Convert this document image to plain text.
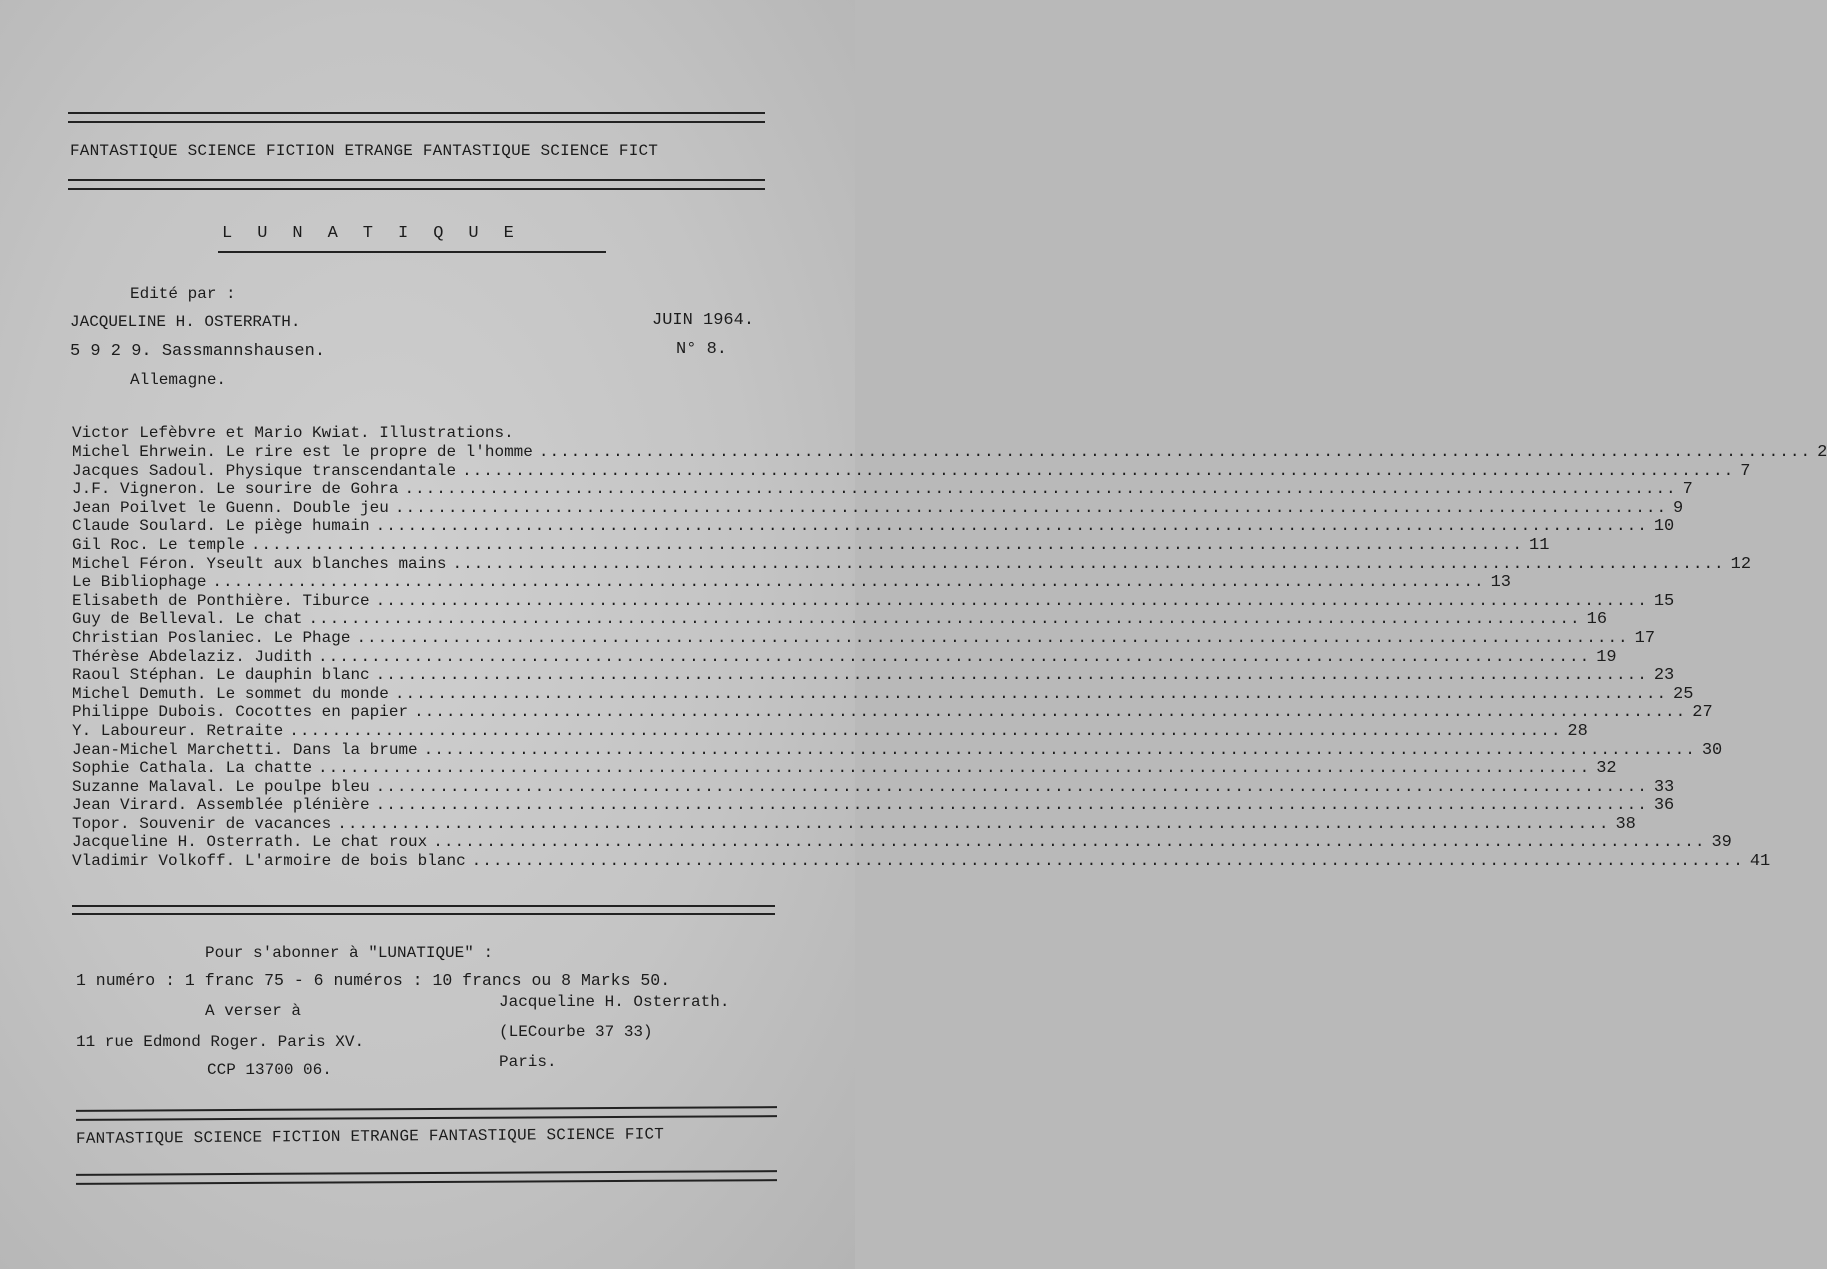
FANTASTIQUE SCIENCE FICTION ETRANGE FANTASTIQUE SCIENCE FICT
LUNATIQUE
Edité par :
JACQUELINE H. OSTERRATH.
5 9 2 9. Sassmannshausen.
Allemagne.
JUIN 1964.
N° 8.
Victor Lefèbvre et Mario Kwiat. Illustrations.
Michel Ehrwein. Le rire est le propre de l'homme ........................................................................................................................ 2
Jacques Sadoul. Physique transcendantale ........................................................................................................................ 7
J.F. Vigneron. Le sourire de Gohra ........................................................................................................................ 7
Jean Poilvet le Guenn. Double jeu ........................................................................................................................ 9
Claude Soulard. Le piège humain ........................................................................................................................ 10
Gil Roc. Le temple ........................................................................................................................ 11
Michel Féron. Yseult aux blanches mains ........................................................................................................................ 12
Le Bibliophage ........................................................................................................................ 13
Elisabeth de Ponthière. Tiburce ........................................................................................................................ 15
Guy de Belleval. Le chat ........................................................................................................................ 16
Christian Poslaniec. Le Phage ........................................................................................................................ 17
Thérèse Abdelaziz. Judith ........................................................................................................................ 19
Raoul Stéphan. Le dauphin blanc ........................................................................................................................ 23
Michel Demuth. Le sommet du monde ........................................................................................................................ 25
Philippe Dubois. Cocottes en papier ........................................................................................................................ 27
Y. Laboureur. Retraite ........................................................................................................................ 28
Jean-Michel Marchetti. Dans la brume ........................................................................................................................ 30
Sophie Cathala. La chatte ........................................................................................................................ 32
Suzanne Malaval. Le poulpe bleu ........................................................................................................................ 33
Jean Virard. Assemblée plénière ........................................................................................................................ 36
Topor. Souvenir de vacances ........................................................................................................................ 38
Jacqueline H. Osterrath. Le chat roux ........................................................................................................................ 39
Vladimir Volkoff. L'armoire de bois blanc ........................................................................................................................ 41
Pour s'abonner à "LUNATIQUE" :
1 numéro : 1 franc 75 - 6 numéros : 10 francs ou 8 Marks 50.
A verser à	Jacqueline H. Osterrath.
11 rue Edmond Roger. Paris XV.
(LECourbe 37 33)
CCP 13700 06.	Paris.
FANTASTIQUE SCIENCE FICTION ETRANGE FANTASTIQUE SCIENCE FICT
